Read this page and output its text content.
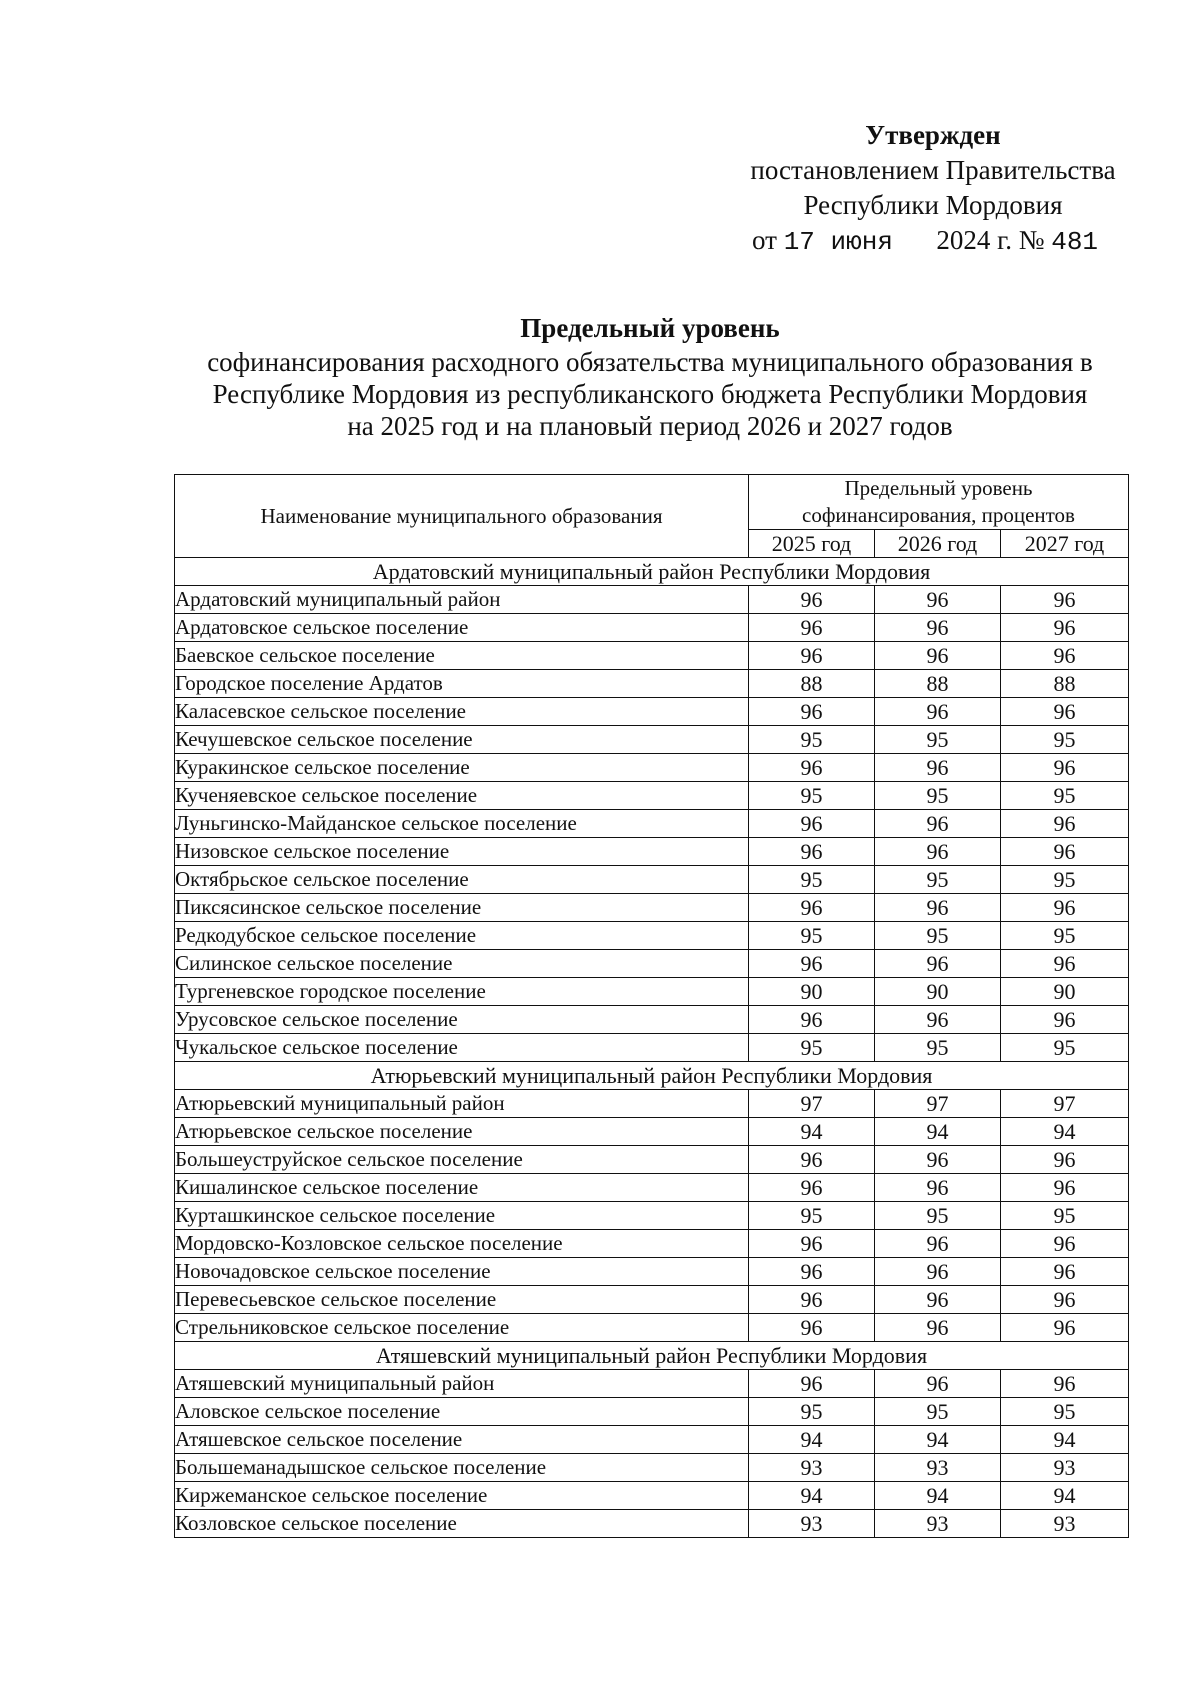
Утвержден
постановлением Правительства
Республики Мордовия
от 17 июня 2024 г. № 481
Предельный уровень
софинансирования расходного обязательства муниципального образования в
Республике Мордовия из республиканского бюджета Республики Мордовия
на 2025 год и на плановый период 2026 и 2027 годов
Наименование муниципального образования	Предельный уровень
софинансирования, процентов		

	2025 год	2026 год	2027 год
Ардатовский муниципальный район Республики Мордовия			
Ардатовский муниципальный район	96	96	96
Ардатовское сельское поселение	96	96	96
Баевское сельское поселение	96	96	96
Городское поселение Ардатов	88	88	88
Каласевское сельское поселение	96	96	96
Кечушевское сельское поселение	95	95	95
Куракинское сельское поселение	96	96	96
Кученяевское сельское поселение	95	95	95
Луньгинско-Майданское сельское поселение	96	96	96
Низовское сельское поселение	96	96	96
Октябрьское сельское поселение	95	95	95
Пиксясинское сельское поселение	96	96	96
Редкодубское сельское поселение	95	95	95
Силинское сельское поселение	96	96	96
Тургеневское городское поселение	90	90	90
Урусовское сельское поселение	96	96	96
Чукальское сельское поселение	95	95	95
Атюрьевский муниципальный район Республики Мордовия			
Атюрьевский муниципальный район	97	97	97
Атюрьевское сельское поселение	94	94	94
Большеуструйское сельское поселение	96	96	96
Кишалинское сельское поселение	96	96	96
Курташкинское сельское поселение	95	95	95
Мордовско-Козловское сельское поселение	96	96	96
Новочадовское сельское поселение	96	96	96
Перевесьевское сельское поселение	96	96	96
Стрельниковское сельское поселение	96	96	96
Атяшевский муниципальный район Республики Мордовия			
Атяшевский муниципальный район	96	96	96
Аловское сельское поселение	95	95	95
Атяшевское сельское поселение	94	94	94
Большеманадышское сельское поселение	93	93	93
Киржеманское сельское поселение	94	94	94
Козловское сельское поселение	93	93	93
